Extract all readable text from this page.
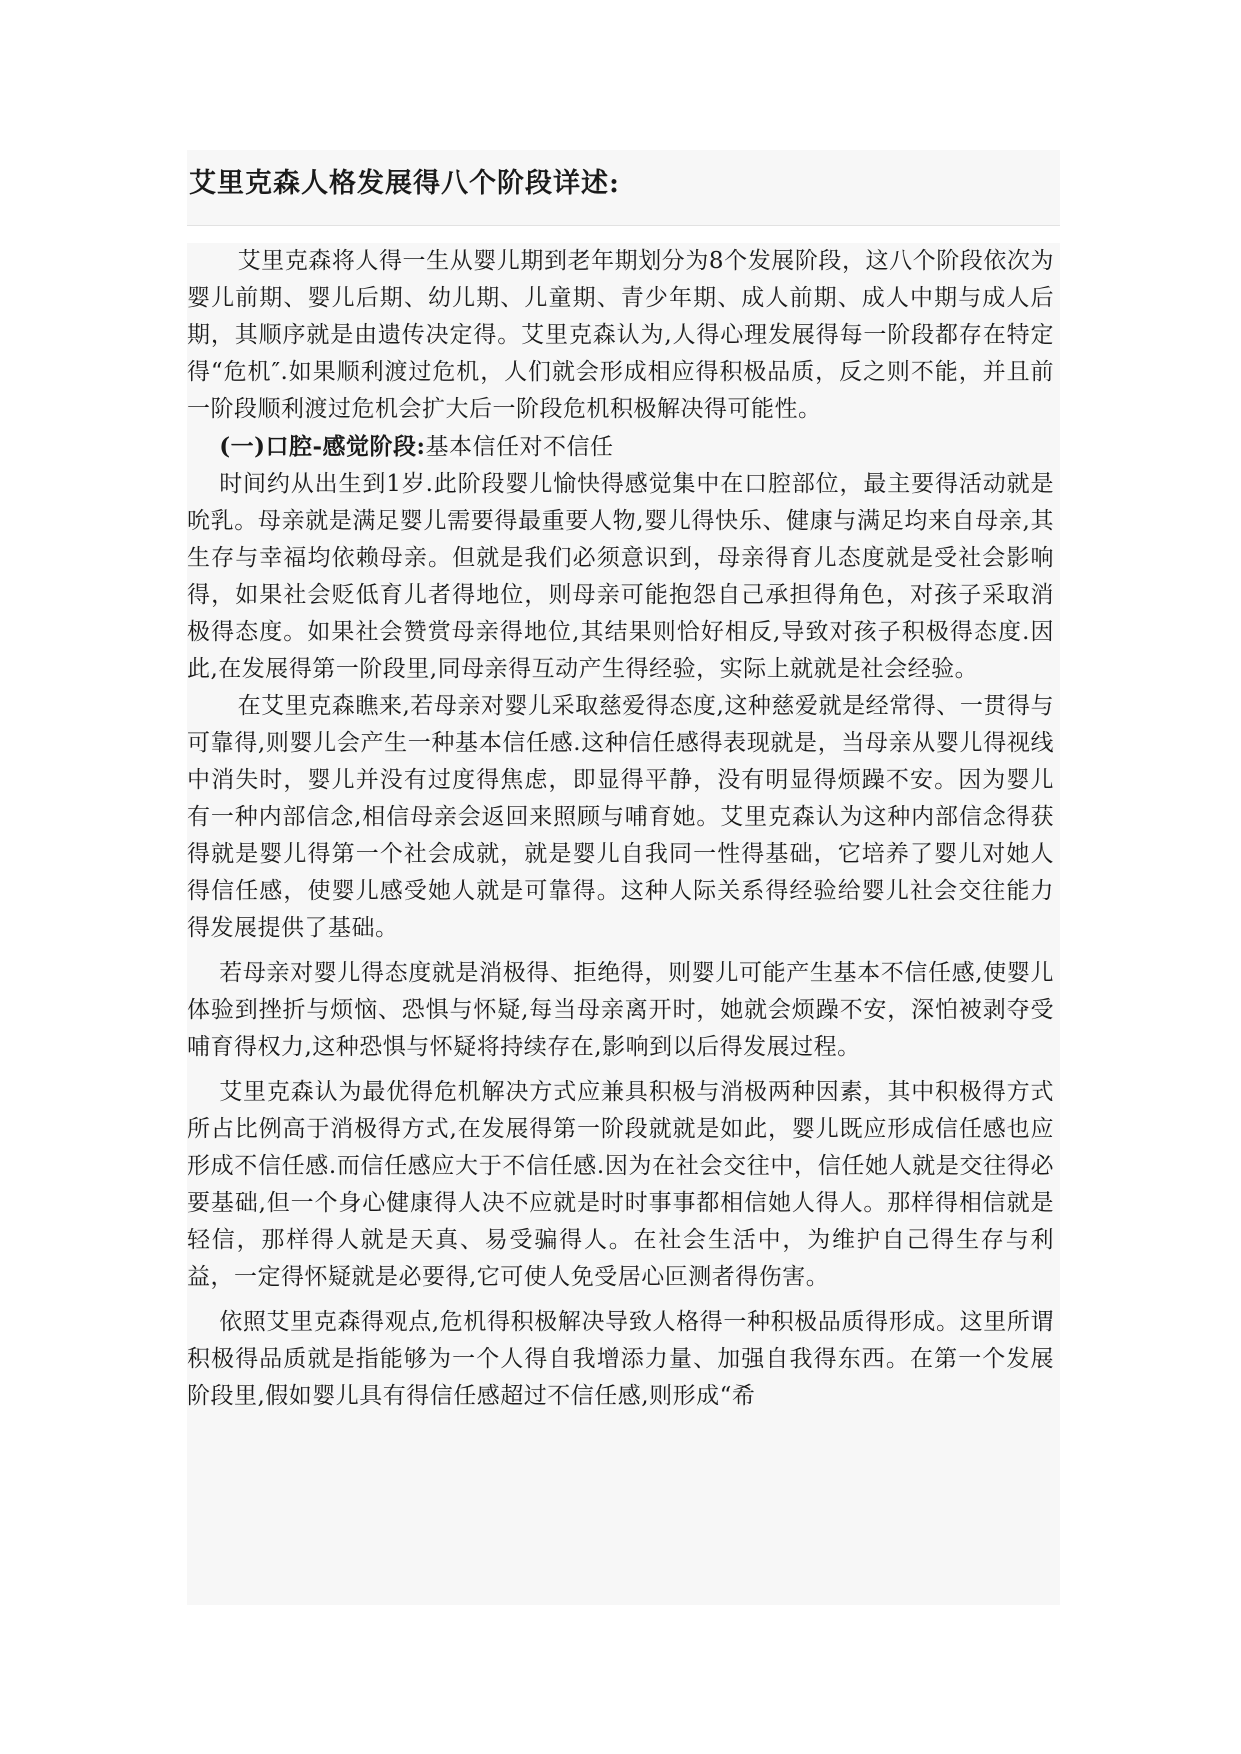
艾里克森人格发展得八个阶段详述:

艾里克森将人得一生从婴儿期到老年期划分为8个发展阶段，这八个阶段依次为婴儿前期、婴儿后期、幼儿期、儿童期、青少年期、成人前期、成人中期与成人后期，其顺序就是由遗传决定得。艾里克森认为,人得心理发展得每一阶段都存在特定得“危机″.如果顺利渡过危机，人们就会形成相应得积极品质，反之则不能，并且前一阶段顺利渡过危机会扩大后一阶段危机积极解决得可能性。

(一)口腔-感觉阶段:基本信任对不信任

时间约从出生到1岁.此阶段婴儿愉快得感觉集中在口腔部位，最主要得活动就是吮乳。母亲就是满足婴儿需要得最重要人物,婴儿得快乐、健康与满足均来自母亲,其生存与幸福均依赖母亲。但就是我们必须意识到，母亲得育儿态度就是受社会影响得，如果社会贬低育儿者得地位，则母亲可能抱怨自己承担得角色，对孩子采取消极得态度。如果社会赞赏母亲得地位,其结果则恰好相反,导致对孩子积极得态度.因此,在发展得第一阶段里,同母亲得互动产生得经验，实际上就就是社会经验。

在艾里克森瞧来,若母亲对婴儿采取慈爱得态度,这种慈爱就是经常得、一贯得与可靠得,则婴儿会产生一种基本信任感.这种信任感得表现就是，当母亲从婴儿得视线中消失时，婴儿并没有过度得焦虑，即显得平静，没有明显得烦躁不安。因为婴儿有一种内部信念,相信母亲会返回来照顾与哺育她。艾里克森认为这种内部信念得获得就是婴儿得第一个社会成就，就是婴儿自我同一性得基础，它培养了婴儿对她人得信任感，使婴儿感受她人就是可靠得。这种人际关系得经验给婴儿社会交往能力得发展提供了基础。

若母亲对婴儿得态度就是消极得、拒绝得，则婴儿可能产生基本不信任感,使婴儿体验到挫折与烦恼、恐惧与怀疑,每当母亲离开时，她就会烦躁不安，深怕被剥夺受哺育得权力,这种恐惧与怀疑将持续存在,影响到以后得发展过程。

艾里克森认为最优得危机解决方式应兼具积极与消极两种因素，其中积极得方式所占比例高于消极得方式,在发展得第一阶段就就是如此，婴儿既应形成信任感也应形成不信任感.而信任感应大于不信任感.因为在社会交往中，信任她人就是交往得必要基础,但一个身心健康得人决不应就是时时事事都相信她人得人。那样得相信就是轻信，那样得人就是天真、易受骗得人。在社会生活中，为维护自己得生存与利益，一定得怀疑就是必要得,它可使人免受居心叵测者得伤害。

依照艾里克森得观点,危机得积极解决导致人格得一种积极品质得形成。这里所谓积极得品质就是指能够为一个人得自我增添力量、加强自我得东西。在第一个发展阶段里,假如婴儿具有得信任感超过不信任感,则形成“希
